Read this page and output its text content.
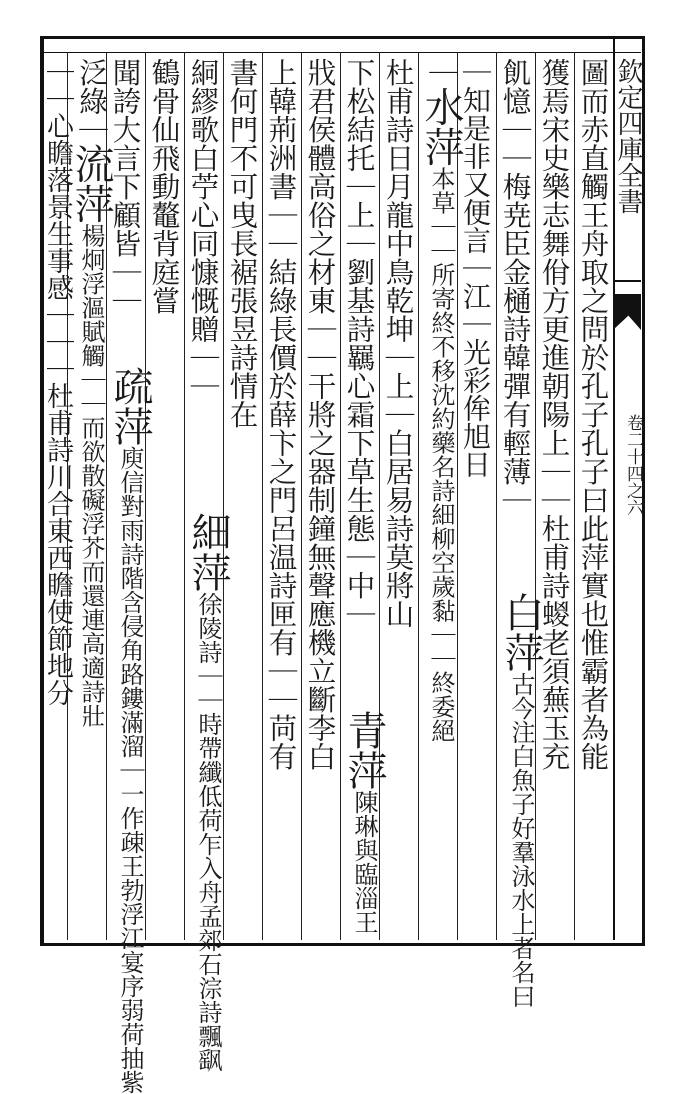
欽定四庫全書
卷二十四之六
圖而赤直觸王舟取之問於孔子孔子曰此萍實也惟霸者為能
獲焉宋史樂志舞佾方更進朝陽上｜｜杜甫詩蝬老須蕪玉充
飢憶｜｜梅尭臣金樋詩韓彈有輕薄｜
｜知是非又便言｜江｜光彩侔旭日
｜水萍本草｜｜所寄終不移沈約藥名詩細柳空歲黏｜｜終委絕
杜甫詩日月龍中鳥乾坤｜上｜白居易詩莫將山
下松結托｜上｜劉基詩羈心霜下草生態｜中｜
戕君侯體高俗之材東｜｜干將之器制鐘無聲應機立斷李白
上韓荊洲書｜｜結綠長價於薛卞之門呂温詩匣有｜｜苘有
書何門不可曳長裾張昱詩情在
絧繆歌白苧心同慷慨贈｜｜
鶴骨仙飛動鼇背庭嘗
聞誇大言下顧皆｜｜
泛綠｜流萍楊炯浮漚賦觸｜｜而欲散礙浮芥而還連高適詩壯
｜｜心瞻落景生事感｜｜｜杜甫詩川合東西瞻使節地分	白萍古今注白魚子好羣泳水上者名曰
青萍陳琳與臨淄王
細萍徐陵詩｜｜時帶纖低荷乍入舟孟郊石淙詩飄飖
疏萍庾信對雨詩階含侵角路鏤滿溜｜一作疎王勃浮江宴序弱荷抽紫
